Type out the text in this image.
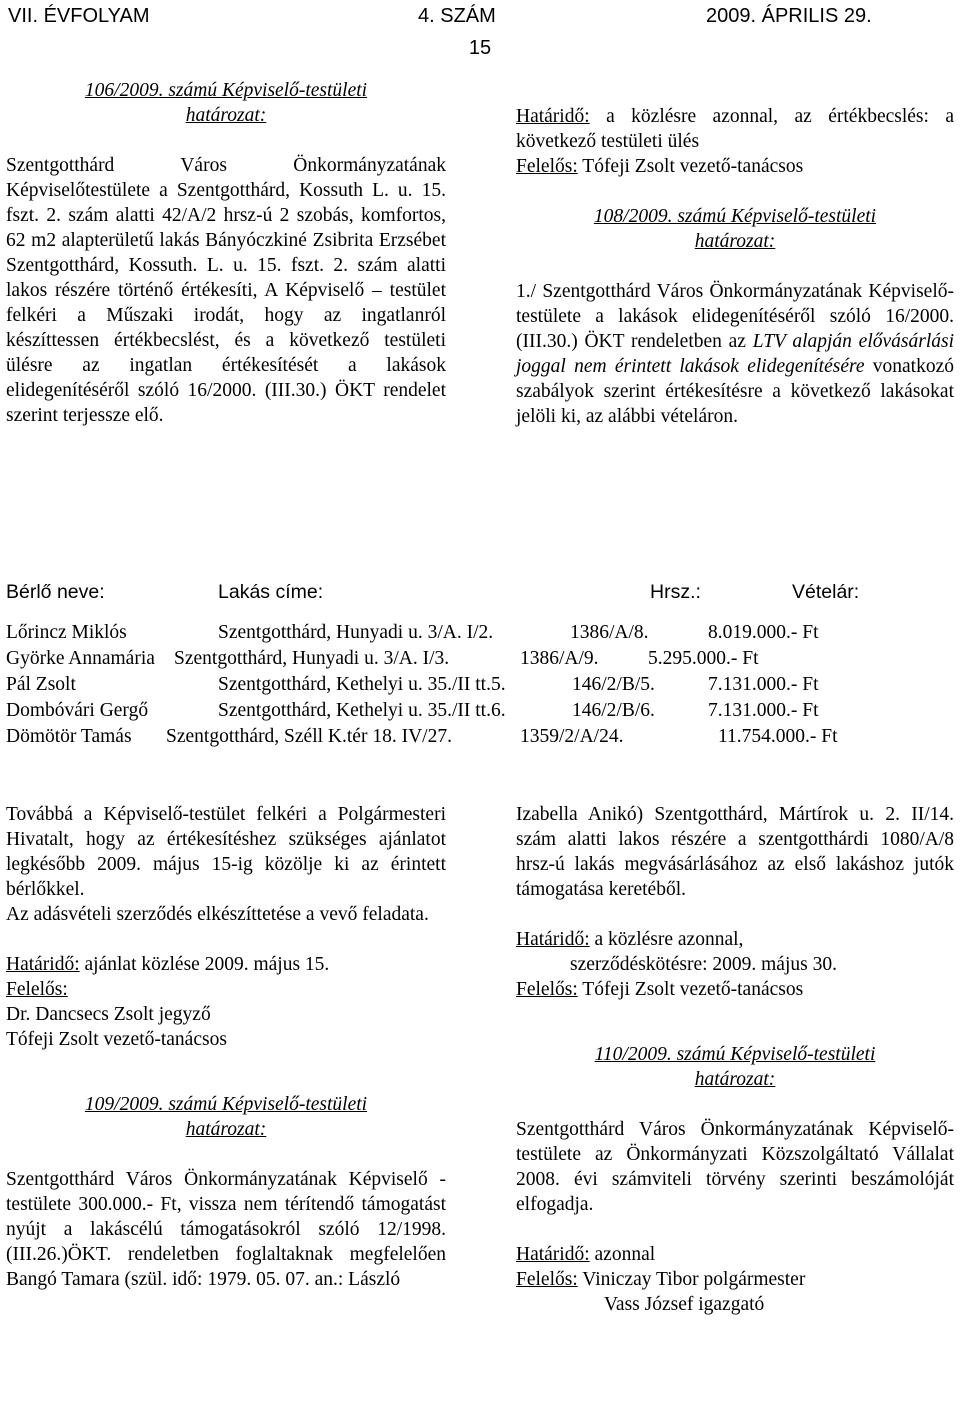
VII. ÉVFOLYAM	4. SZÁM	2009. ÁPRILIS 29.
15
106/2009. számú Képviselő-testületi
határozat:
Szentgotthárd Város Önkormányzatának Képviselőtestülete a Szentgotthárd, Kossuth L. u. 15. fszt. 2. szám alatti 42/A/2 hrsz-ú 2 szobás, komfortos, 62 m2 alapterületű lakás Bányóczkiné Zsibrita Erzsébet Szentgotthárd, Kossuth. L. u. 15. fszt. 2. szám alatti lakos részére történő értékesíti, A Képviselő – testület felkéri a Műszaki irodát, hogy az ingatlanról készíttessen értékbecslést, és a következő testületi ülésre az ingatlan értékesítését a lakások elidegenítéséről szóló 16/2000. (III.30.) ÖKT rendelet szerint terjessze elő.
Határidő: a közlésre azonnal, az értékbecslés: a következő testületi ülés
Felelős: Tófeji Zsolt vezető-tanácsos
108/2009. számú Képviselő-testületi
határozat:
1./ Szentgotthárd Város Önkormányzatának Képviselő-testülete a lakások elidegenítéséről szóló 16/2000. (III.30.) ÖKT rendeletben az LTV alapján elővásárlási joggal nem érintett lakások elidegenítésére vonatkozó szabályok szerint értékesítésre a következő lakásokat jelöli ki, az alábbi vételáron.
Bérlő neve:	Lakás címe:	Hrsz.:	Vételár:
Lőrincz Miklós	Szentgotthárd, Hunyadi u. 3/A. I/2.	1386/A/8.	8.019.000.- Ft
Györke Annamária Szentgotthárd, Hunyadi u. 3/A. I/3.	1386/A/9.	5.295.000.- Ft
Pál Zsolt	Szentgotthárd, Kethelyi u. 35./II tt.5.	146/2/B/5.	7.131.000.- Ft
Dombóvári Gergő	Szentgotthárd, Kethelyi u. 35./II tt.6.	146/2/B/6.	7.131.000.- Ft
Dömötör Tamás Szentgotthárd, Széll K.tér 18. IV/27.	1359/2/A/24.	11.754.000.- Ft
Továbbá a Képviselő-testület felkéri a Polgármesteri Hivatalt, hogy az értékesítéshez szükséges ajánlatot legkésőbb 2009. május 15-ig közölje ki az érintett bérlőkkel.
Az adásvételi szerződés elkészíttetése a vevő feladata.
Határidő: ajánlat közlése 2009. május 15.
Felelős:
Dr. Dancsecs Zsolt jegyző
Tófeji Zsolt vezető-tanácsos
109/2009. számú Képviselő-testületi
határozat:
Szentgotthárd Város Önkormányzatának Képviselő - testülete 300.000.- Ft, vissza nem térítendő támogatást nyújt a lakáscélú támogatásokról szóló 12/1998.(III.26.)ÖKT. rendeletben foglaltaknak megfelelően Bangó Tamara (szül. idő: 1979. 05. 07. an.: László
Izabella Anikó) Szentgotthárd, Mártírok u. 2. II/14. szám alatti lakos részére a szentgotthárdi 1080/A/8 hrsz-ú lakás megvásárlásához az első lakáshoz jutók támogatása keretéből.
Határidő: a közlésre azonnal,
szerződéskötésre: 2009. május 30.
Felelős: Tófeji Zsolt vezető-tanácsos
110/2009. számú Képviselő-testületi
határozat:
Szentgotthárd Város Önkormányzatának Képviselő-testülete az Önkormányzati Közszolgáltató Vállalat 2008. évi számviteli törvény szerinti beszámolóját elfogadja.
Határidő: azonnal
Felelős: Viniczay Tibor polgármester
Vass József igazgató
